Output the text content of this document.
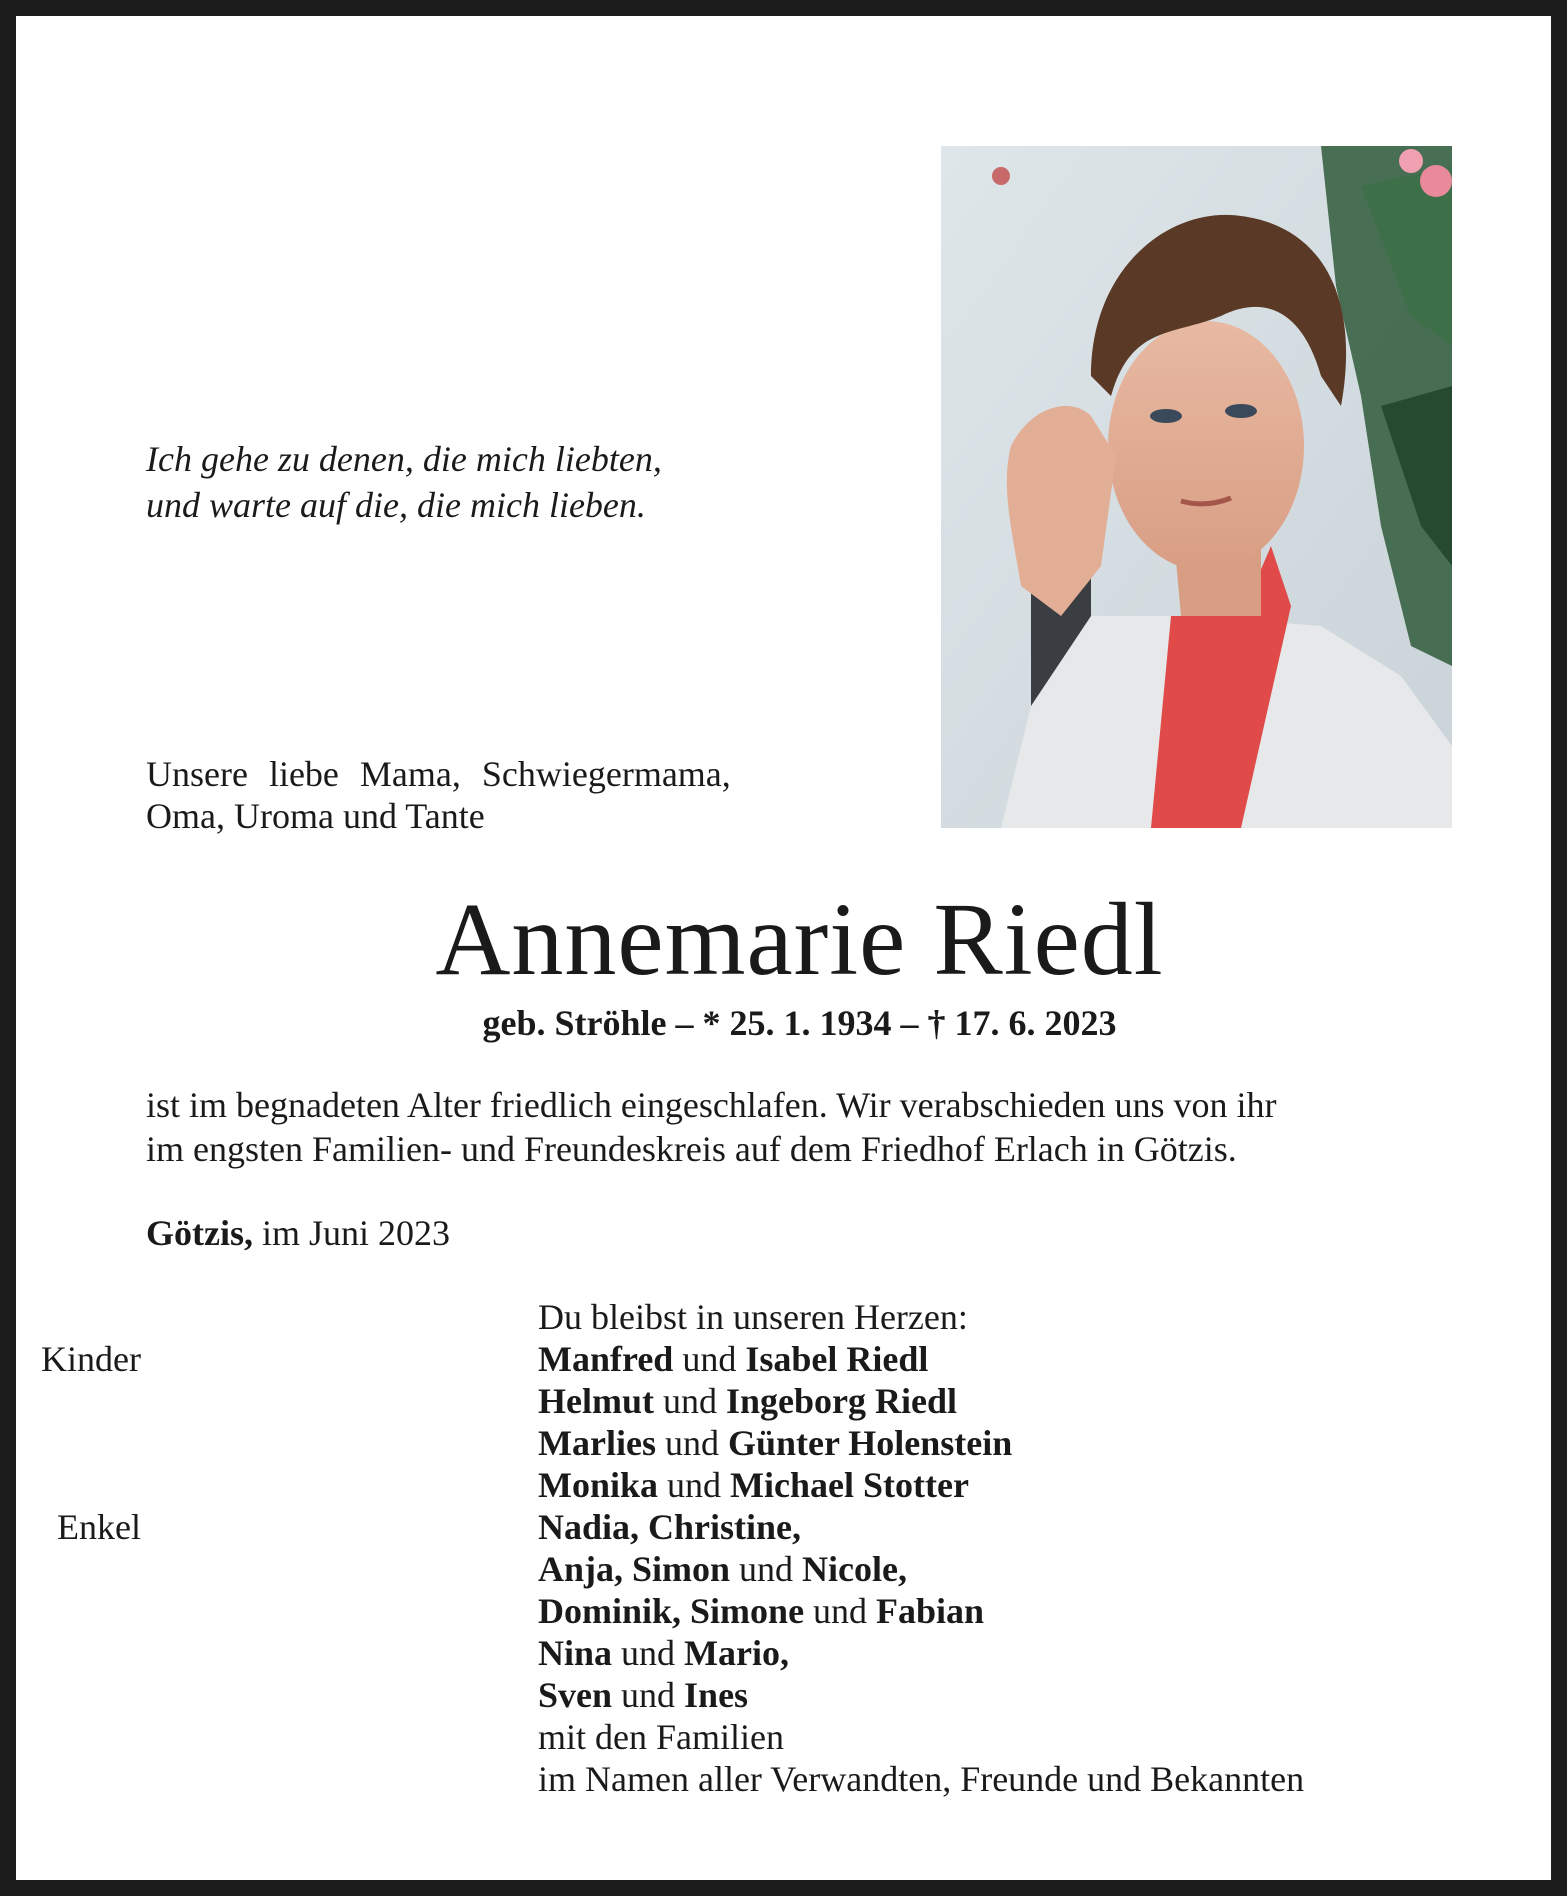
Ich gehe zu denen, die mich liebten,
und warte auf die, die mich lieben.
Unsere liebe Mama, Schwiegermama,
Oma, Uroma und Tante
Annemarie Riedl
geb. Ströhle – * 25. 1. 1934 – † 17. 6. 2023
ist im begnadeten Alter friedlich eingeschlafen. Wir verabschieden uns von ihr
im engsten Familien- und Freundeskreis auf dem Friedhof Erlach in Götzis.
Götzis, im Juni 2023
Du bleibst in unseren Herzen:
Kinder	Manfred und Isabel Riedl
Helmut und Ingeborg Riedl
Marlies und Günter Holenstein
Monika und Michael Stotter
Enkel	Nadia, Christine,
Anja, Simon und Nicole,
Dominik, Simone und Fabian
Nina und Mario,
Sven und Ines
mit den Familien
im Namen aller Verwandten, Freunde und Bekannten
